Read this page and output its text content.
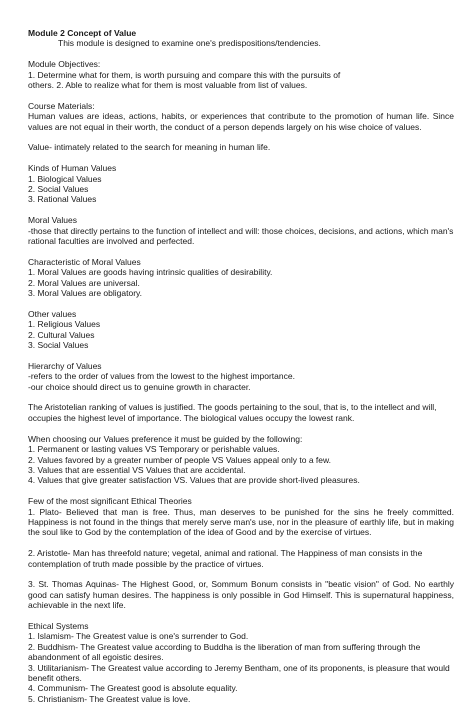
Module 2 Concept of Value

This module is designed to examine one's predispositions/tendencies.

Module Objectives:

1. Determine what for them, is worth pursuing and compare this with the pursuits of

others. 2. Able to realize what for them is most valuable from list of values.

Course Materials:

Human values are ideas, actions, habits, or experiences that contribute to the promotion of human life. Since values are not equal in their worth, the conduct of a person depends largely on his wise choice of values.

Value- intimately related to the search for meaning in human life.

Kinds of Human Values

1. Biological Values

2. Social Values

3. Rational Values

Moral Values

-those that directly pertains to the function of intellect and will: those choices, decisions, and actions, which man's rational faculties are involved and perfected.

Characteristic of Moral Values

1. Moral Values are goods having intrinsic qualities of desirability.

2. Moral Values are universal.

3. Moral Values are obligatory.

Other values

1. Religious Values

2. Cultural Values

3. Social Values

Hierarchy of Values

-refers to the order of values from the lowest to the highest importance.

-our choice should direct us to genuine growth in character.

The Aristotelian ranking of values is justified. The goods pertaining to the soul, that is, to the intellect and will, occupies the highest level of importance. The biological values occupy the lowest rank.

When choosing our Values preference it must be guided by the following:

1. Permanent or lasting values VS Temporary or perishable values.

2. Values favored by a greater number of people VS Values appeal only to a few.

3. Values that are essential VS Values that are accidental.

4. Values that give greater satisfaction VS. Values that are provide short-lived pleasures.

Few of the most significant Ethical Theories

1. Plato- Believed that man is free. Thus, man deserves to be punished for the sins he freely committed. Happiness is not found in the things that merely serve man's use, nor in the pleasure of earthly life, but in making the soul like to God by the contemplation of the idea of Good and by the exercise of virtues.

2. Aristotle- Man has threefold nature; vegetal, animal and rational. The Happiness of man consists in the contemplation of truth made possible by the practice of virtues.

3. St. Thomas Aquinas- The Highest Good, or, Sommum Bonum consists in "beatic vision" of God. No earthly good can satisfy human desires. The happiness is only possible in God Himself. This is supernatural happiness, achievable in the next life.

Ethical Systems

1. Islamism- The Greatest value is one's surrender to God.

2. Buddhism- The Greatest value according to Buddha is the liberation of man from suffering through the abandonment of all egoistic desires.

3. Utilitarianism- The Greatest value according to Jeremy Bentham, one of its proponents, is pleasure that would benefit others.

4. Communism- The Greatest good is absolute equality.

5. Christianism- The Greatest value is love.
